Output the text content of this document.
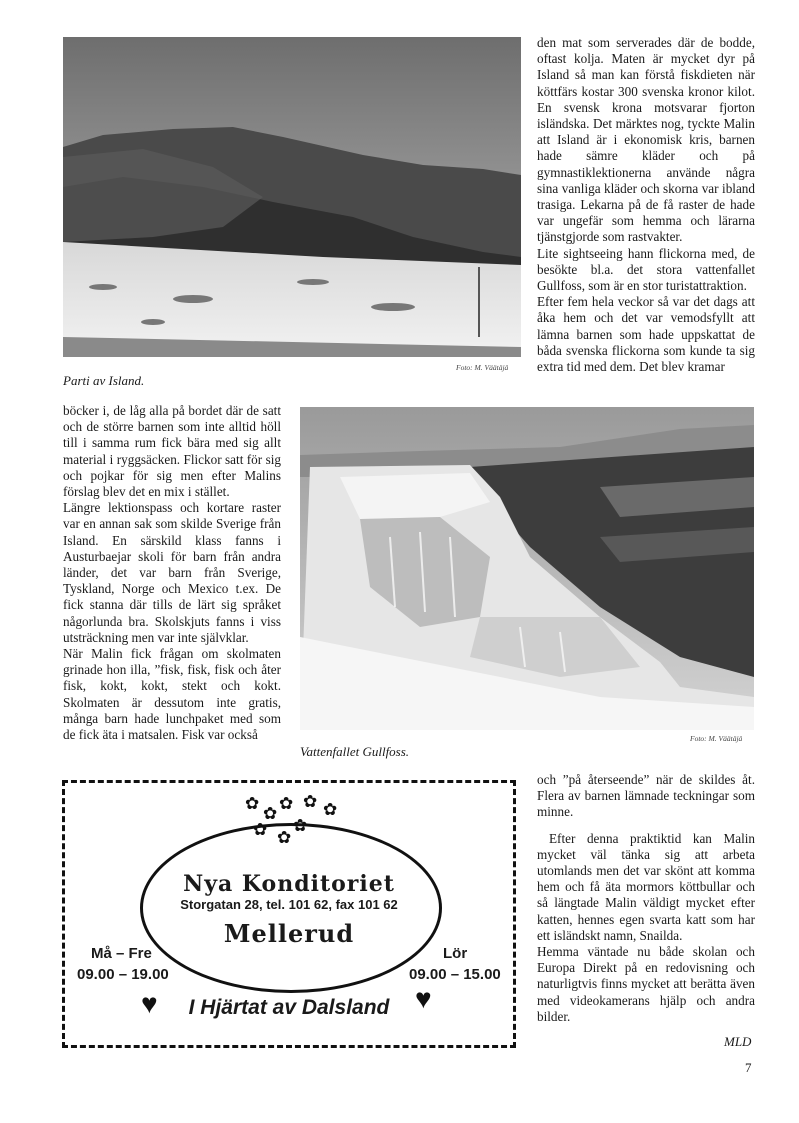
Parti av Island.
Foto: M. Väätäjä

den mat som serverades där de bodde, oftast kolja. Maten är mycket dyr på Island så man kan förstå fiskdieten när köttfärs kostar 300 svenska kronor kilot. En svensk krona motsvarar fjorton isländska. Det märktes nog, tyckte Malin att Island är i ekonomisk kris, barnen hade sämre kläder och på gymnastiklektionerna använde några sina vanliga kläder och skorna var ibland trasiga. Lekarna på de få raster de hade var ungefär som hemma och lärarna tjänstgjorde som rastvakter.

Lite sightseeing hann flickorna med, de besökte bl.a. det stora vattenfallet Gullfoss, som är en stor turistattraktion.

Efter fem hela veckor så var det dags att åka hem och det var vemodsfyllt att lämna barnen som hade uppskattat de båda svenska flickorna som kunde ta sig extra tid med dem. Det blev kramar

böcker i, de låg alla på bordet där de satt och de större barnen som inte alltid höll till i samma rum fick bära med sig allt material i ryggsäcken. Flickor satt för sig och pojkar för sig men efter Malins förslag blev det en mix i stället.

Längre lektionspass och kortare raster var en annan sak som skilde Sverige från Island. En särskild klass fanns i Austurbaejar skoli för barn från andra länder, det var barn från Sverige, Tyskland, Norge och Mexico t.ex. De fick stanna där tills de lärt sig språket någorlunda bra. Skolskjuts fanns i viss utsträckning men var inte självklar.

När Malin fick frågan om skolmaten grinade hon illa, ”fisk, fisk, fisk och åter fisk, kokt, kokt, stekt och kokt. Skolmaten är dessutom inte gratis, många barn hade lunchpaket med som de fick äta i matsalen. Fisk var också

Vattenfallet Gullfoss.
Foto: M. Väätäjä

och ”på återseende” när de skildes åt. Flera av barnen lämnade teckningar som minne.

Efter denna praktiktid kan Malin mycket väl tänka sig att arbeta utomlands men det var skönt att komma hem och få äta mormors köttbullar och så längtade Malin väldigt mycket efter katten, hennes egen svarta katt som har ett isländskt namn, Snailda.

Hemma väntade nu både skolan och Europa Direkt på en redovisning och naturligtvis finns mycket att berätta även med videokamerans hjälp och andra bilder.

✿
✿
✿ ✿ ✿
✿
✿
✿
Nya Konditoriet
Storgatan 28, tel. 101 62, fax 101 62
Mellerud
Må – Fre
09.00 – 19.00
Lör
09.00 – 15.00
♥	I Hjärtat av Dalsland ♥
MLD
7
